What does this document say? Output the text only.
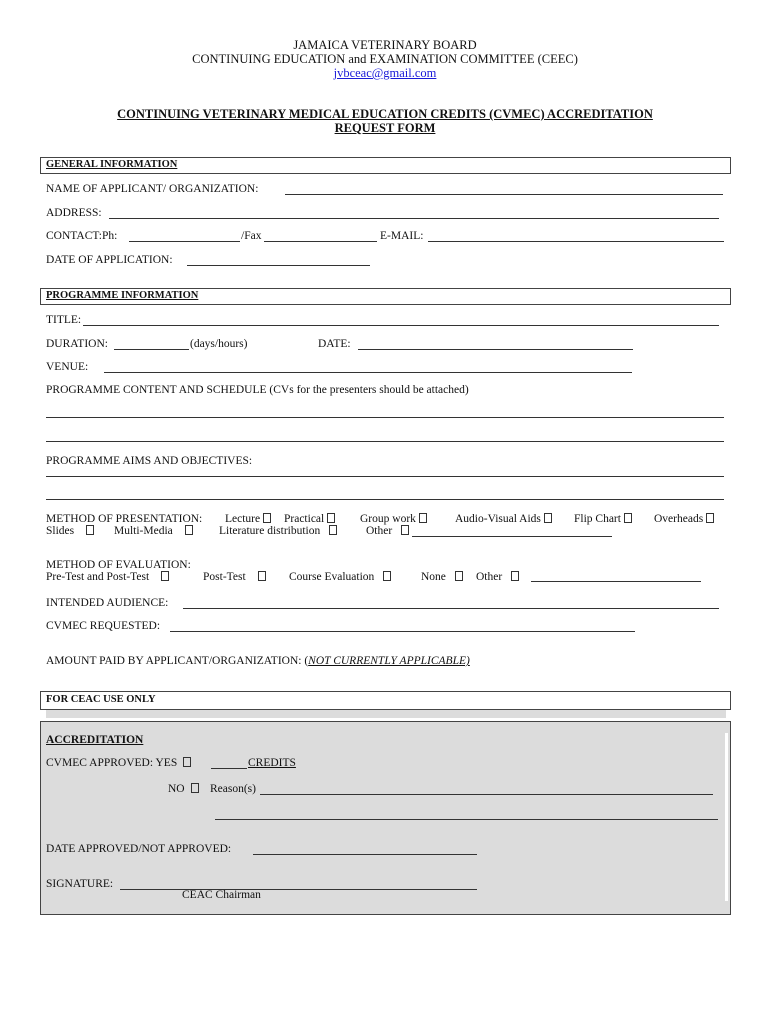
JAMAICA VETERINARY BOARD
CONTINUING EDUCATION and EXAMINATION COMMITTEE (CEEC)
jvbceac@gmail.com
CONTINUING VETERINARY MEDICAL EDUCATION CREDITS (CVMEC) ACCREDITATION
REQUEST FORM
GENERAL INFORMATION
NAME OF APPLICANT/ ORGANIZATION:
ADDRESS:
CONTACT:Ph:	/Fax	E-MAIL:
DATE OF APPLICATION:
PROGRAMME INFORMATION
TITLE:
DURATION:	(days/hours)	DATE:
VENUE:
PROGRAMME CONTENT AND SCHEDULE (CVs for the presenters should be attached)
PROGRAMME AIMS AND OBJECTIVES:
METHOD OF PRESENTATION: Lecture	Practical	Group work	Audio-Visual Aids	Flip Chart	Overheads
Slides	Multi-Media	Literature distribution	Other
METHOD OF EVALUATION:
Pre-Test and Post-Test	Post-Test	Course Evaluation	None	Other
INTENDED AUDIENCE:
CVMEC REQUESTED:
AMOUNT PAID BY APPLICANT/ORGANIZATION: (NOT CURRENTLY APPLICABLE)
FOR CEAC USE ONLY
ACCREDITATION
CVMEC APPROVED: YES	CREDITS
NO	Reason(s)
DATE APPROVED/NOT APPROVED:
SIGNATURE:
CEAC Chairman
